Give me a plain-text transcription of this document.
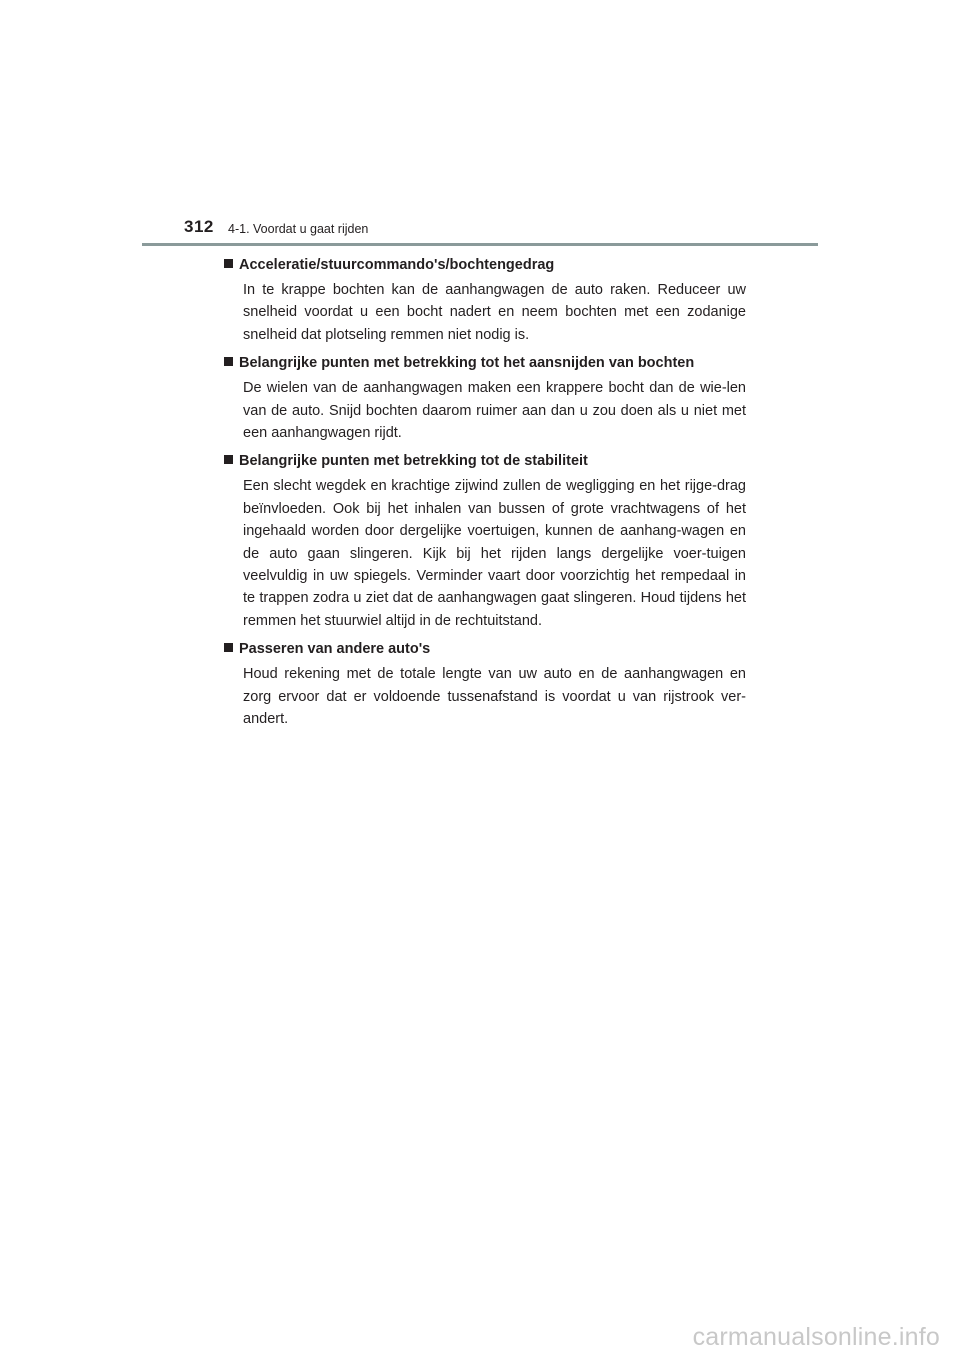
312 4-1. Voordat u gaat rijden
Acceleratie/stuurcommando's/bochtengedrag

In te krappe bochten kan de aanhangwagen de auto raken. Reduceer uw snelheid voordat u een bocht nadert en neem bochten met een zodanige snelheid dat plotseling remmen niet nodig is.

Belangrijke punten met betrekking tot het aansnijden van bochten

De wielen van de aanhangwagen maken een krappere bocht dan de wie-len van de auto. Snijd bochten daarom ruimer aan dan u zou doen als u niet met een aanhangwagen rijdt.

Belangrijke punten met betrekking tot de stabiliteit

Een slecht wegdek en krachtige zijwind zullen de wegligging en het rijge-drag beïnvloeden. Ook bij het inhalen van bussen of grote vrachtwagens of het ingehaald worden door dergelijke voertuigen, kunnen de aanhang-wagen en de auto gaan slingeren. Kijk bij het rijden langs dergelijke voer-tuigen veelvuldig in uw spiegels. Verminder vaart door voorzichtig het rempedaal in te trappen zodra u ziet dat de aanhangwagen gaat slingeren. Houd tijdens het remmen het stuurwiel altijd in de rechtuitstand.

Passeren van andere auto's

Houd rekening met de totale lengte van uw auto en de aanhangwagen en zorg ervoor dat er voldoende tussenafstand is voordat u van rijstrook ver-andert.

carmanualsonline.info
